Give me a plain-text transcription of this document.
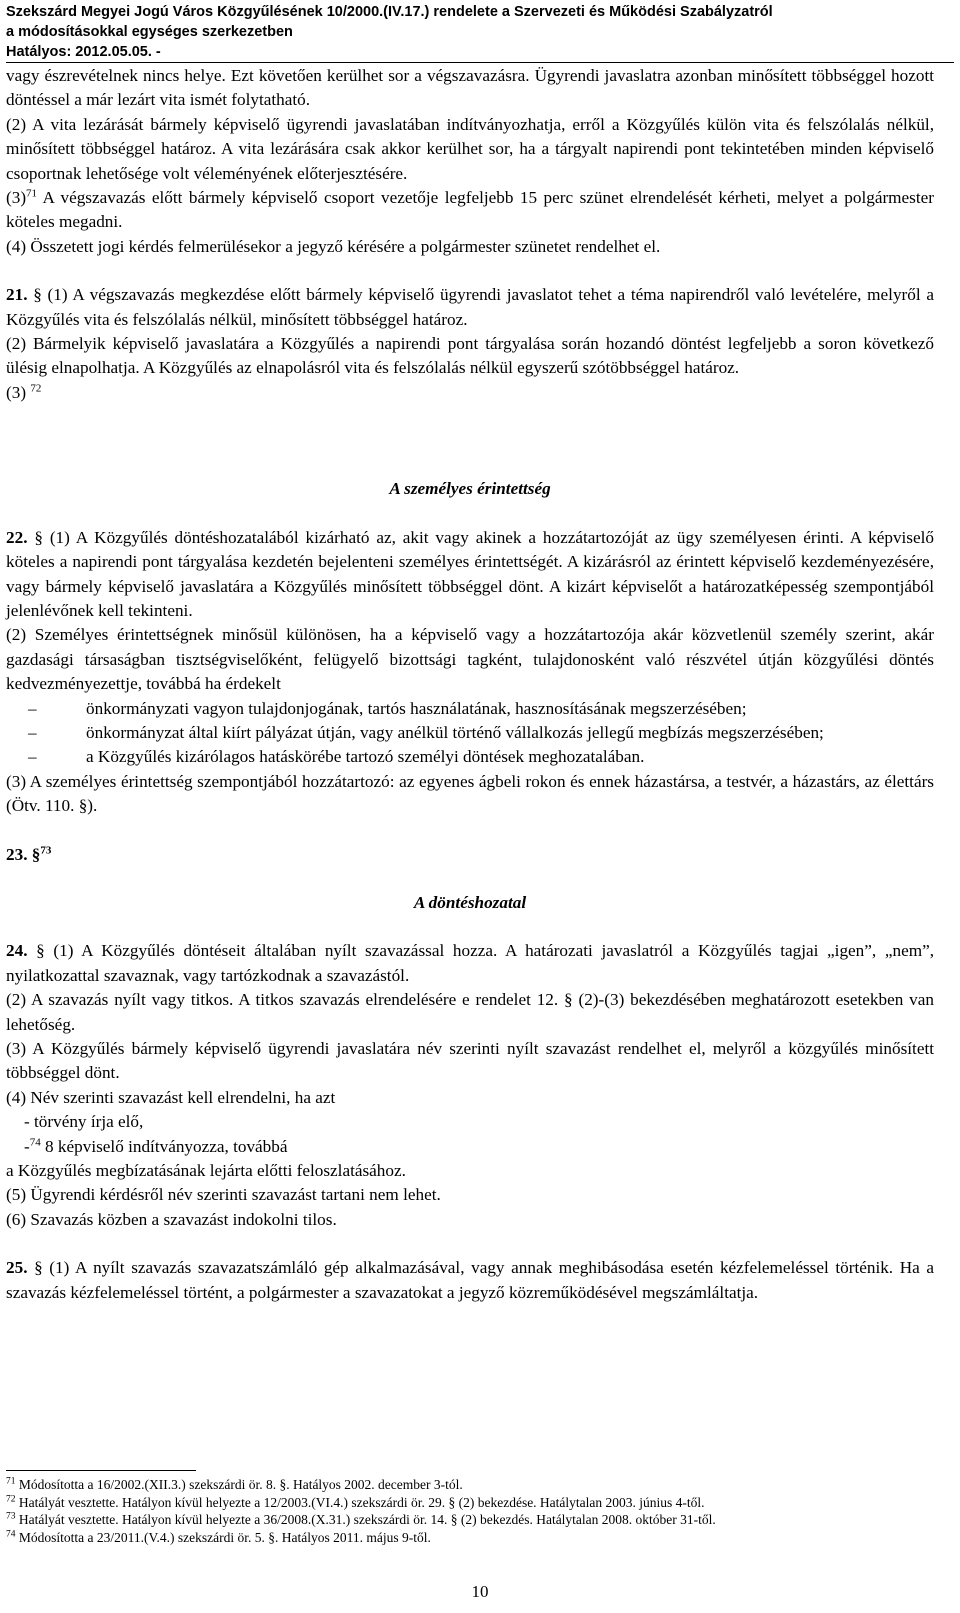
Szekszárd Megyei Jogú Város Közgyűlésének 10/2000.(IV.17.) rendelete a Szervezeti és Működési Szabályzatról
a módosításokkal egységes szerkezetben
Hatályos: 2012.05.05. -

vagy észrevételnek nincs helye. Ezt követően kerülhet sor a végszavazásra. Ügyrendi javaslatra azonban minősített többséggel hozott döntéssel a már lezárt vita ismét folytatható.

(2) A vita lezárását bármely képviselő ügyrendi javaslatában indítványozhatja, erről a Közgyűlés külön vita és felszólalás nélkül, minősített többséggel határoz. A vita lezárására csak akkor kerülhet sor, ha a tárgyalt napirendi pont tekintetében minden képviselő csoportnak lehetősége volt véleményének előterjesztésére.

$(3)^{71}$ A végszavazás előtt bármely képviselő csoport vezetője legfeljebb 15 perc szünet elrendelését kérheti, melyet a polgármester köteles megadni.

(4) Összetett jogi kérdés felmerülésekor a jegyző kérésére a polgármester szünetet rendelhet el.

21. § (1) A végszavazás megkezdése előtt bármely képviselő ügyrendi javaslatot tehet a téma napirendről való levételére, melyről a Közgyűlés vita és felszólalás nélkül, minősített többséggel határoz.

(2) Bármelyik képviselő javaslatára a Közgyűlés a napirendi pont tárgyalása során hozandó döntést legfeljebb a soron következő ülésig elnapolhatja. A Közgyűlés az elnapolásról vita és felszólalás nélkül egyszerű szótöbbséggel határoz.

(3) $^{72}$

A személyes érintettség

22. § (1) A Közgyűlés döntéshozatalából kizárható az, akit vagy akinek a hozzátartozóját az ügy személyesen érinti. A képviselő köteles a napirendi pont tárgyalása kezdetén bejelenteni személyes érintettségét. A kizárásról az érintett képviselő kezdeményezésére, vagy bármely képviselő javaslatára a Közgyűlés minősített többséggel dönt. A kizárt képviselőt a határozatképesség szempontjából jelenlévőnek kell tekinteni.

(2) Személyes érintettségnek minősül különösen, ha a képviselő vagy a hozzátartozója akár közvetlenül személy szerint, akár gazdasági társaságban tisztségviselőként, felügyelő bizottsági tagként, tulajdonosként való részvétel útján közgyűlési döntés kedvezményezettje, továbbá ha érdekelt

– önkormányzati vagyon tulajdonjogának, tartós használatának, hasznosításának megszerzésében;

– önkormányzat által kiírt pályázat útján, vagy anélkül történő vállalkozás jellegű megbízás megszerzésében;

– a Közgyűlés kizárólagos hatáskörébe tartozó személyi döntések meghozatalában.

(3) A személyes érintettség szempontjából hozzátartozó: az egyenes ágbeli rokon és ennek házastársa, a testvér, a házastárs, az élettárs (Ötv. 110. §).

23. §$^{73}$

A döntéshozatal

24. § (1) A Közgyűlés döntéseit általában nyílt szavazással hozza. A határozati javaslatról a Közgyűlés tagjai „igen”, „nem”, nyilatkozattal szavaznak, vagy tartózkodnak a szavazástól.

(2) A szavazás nyílt vagy titkos. A titkos szavazás elrendelésére e rendelet 12. § (2)-(3) bekezdésében meghatározott esetekben van lehetőség.

(3) A Közgyűlés bármely képviselő ügyrendi javaslatára név szerinti nyílt szavazást rendelhet el, melyről a közgyűlés minősített többséggel dönt.

(4) Név szerinti szavazást kell elrendelni, ha azt

- törvény írja elő,

-$^{74}$ 8 képviselő indítványozza, továbbá

a Közgyűlés megbízatásának lejárta előtti feloszlatásához.

(5) Ügyrendi kérdésről név szerinti szavazást tartani nem lehet.

(6) Szavazás közben a szavazást indokolni tilos.

25. § (1) A nyílt szavazás szavazatszámláló gép alkalmazásával, vagy annak meghibásodása esetén kézfelemeléssel történik. Ha a szavazás kézfelemeléssel történt, a polgármester a szavazatokat a jegyző közreműködésével megszámláltatja.

$^{71}$ Módosította a 16/2002.(XII.3.) szekszárdi ör. 8. §. Hatályos 2002. december 3-tól.
$^{72}$ Hatályát vesztette. Hatályon kívül helyezte a 12/2003.(VI.4.) szekszárdi ör. 29. § (2) bekezdése. Hatálytalan 2003. június 4-től.
$^{73}$ Hatályát vesztette. Hatályon kívül helyezte a 36/2008.(X.31.) szekszárdi ör. 14. § (2) bekezdés. Hatálytalan 2008. október 31-től.
$^{74}$ Módosította a 23/2011.(V.4.) szekszárdi ör. 5. §. Hatályos 2011. május 9-től.
10
